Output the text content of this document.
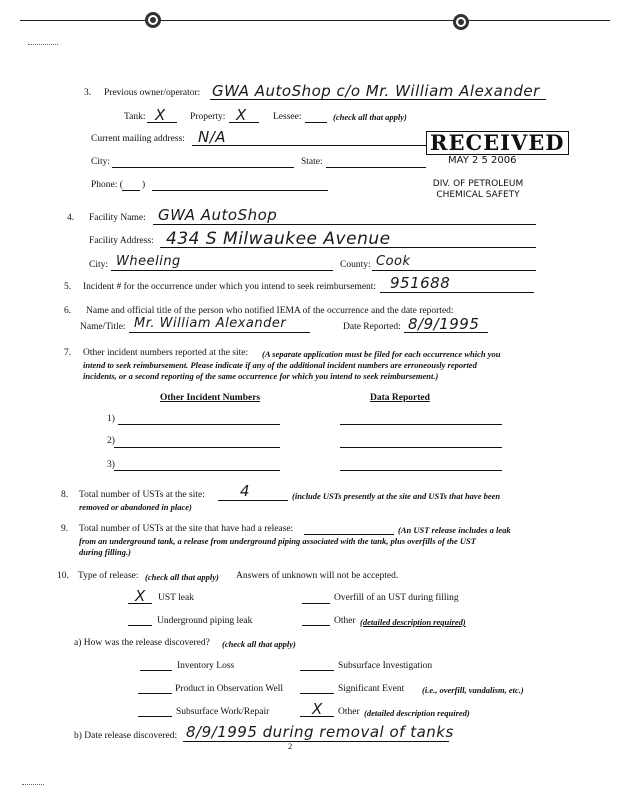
RECEIVED
MAY 2 5 2006
DIV. OF PETROLEUM
CHEMICAL SAFETY
3. Previous owner/operator: GWA AutoShop c/o Mr. William Alexander
Tank: X	Property: X	Lessee:	(check all that apply)
Current mailing address: N/A
City:	State:
Phone: ( )
4. Facility Name: GWA AutoShop
Facility Address: 434 S Milwaukee Avenue
City: Wheeling	County: Cook
5. Incident # for the occurrence under which you intend to seek reimbursement: 951688
6. Name and official title of the person who notified IEMA of the occurrence and the date reported:
Name/Title: Mr. William Alexander	Date Reported: 8/9/1995
7. Other incident numbers reported at the site: (A separate application must be filed for each occurrence which you
intend to seek reimbursement. Please indicate if any of the additional incident numbers are erroneously reported
incidents, or a second reporting of the same occurrence for which you intend to seek reimbursement.)
Other Incident Numbers	Data Reported
1)
2)
3)
8. Total number of USTs at the site: 4	(include USTs presently at the site and USTs that have been
removed or abandoned in place)
9. Total number of USTs at the site that have had a release:	(An UST release includes a leak
from an underground tank, a release from underground piping associated with the tank, plus overfills of the UST
during filling.)
10. Type of release: (check all that apply) Answers of unknown will not be accepted.
X UST leak	Overfill of an UST during filling
Underground piping leak	Other (detailed description required)
a) How was the release discovered? (check all that apply)
Inventory Loss	Subsurface Investigation
Product in Observation Well	Significant Event (i.e., overfill, vandalism, etc.)
Subsurface Work/Repair	X Other (detailed description required)
b) Date release discovered: 8/9/1995 during removal of tanks
2
